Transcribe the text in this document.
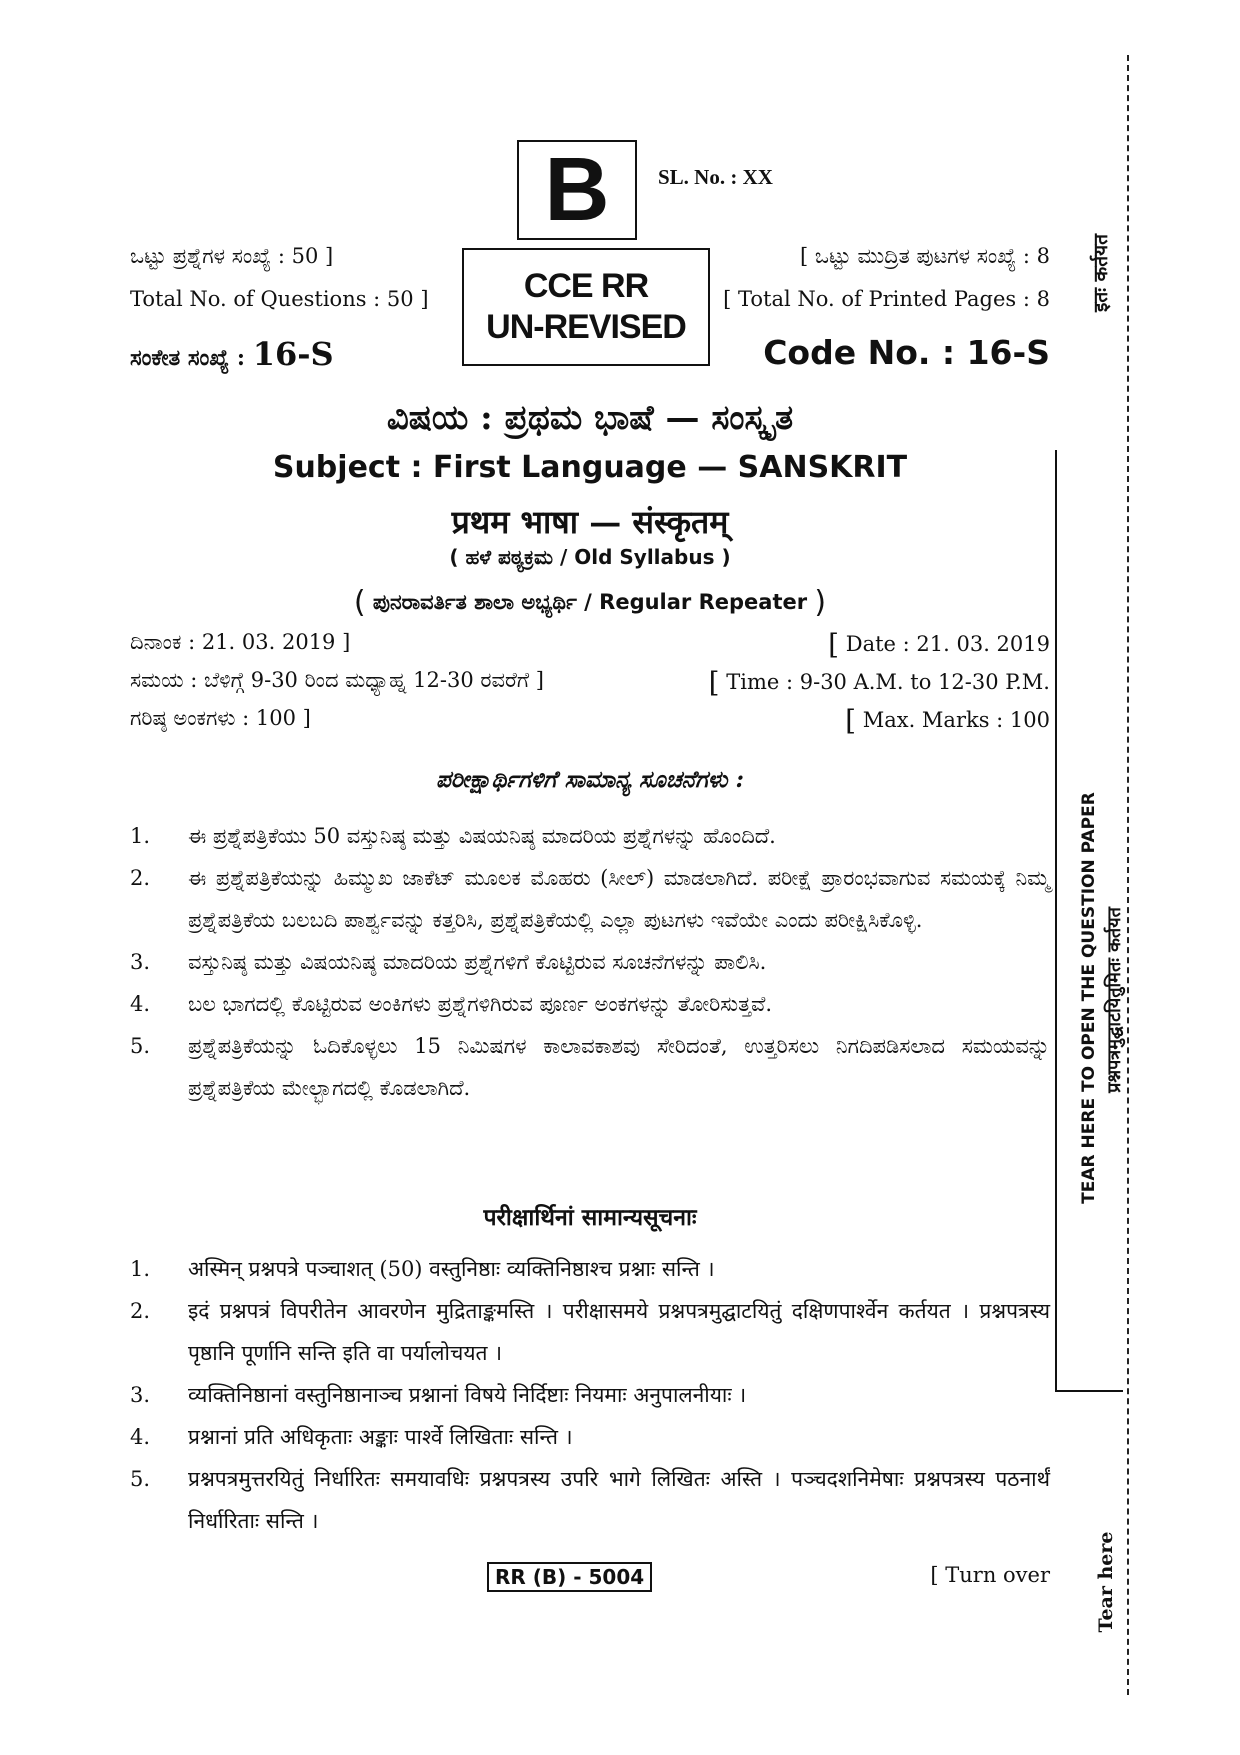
B	SL. No. : XX
ಒಟ್ಟು ಪ್ರಶ್ನೆಗಳ ಸಂಖ್ಯೆ : 50 ]
Total No. of Questions : 50 ]
[ ಒಟ್ಟು ಮುದ್ರಿತ ಪುಟಗಳ ಸಂಖ್ಯೆ : 8
[ Total No. of Printed Pages : 8
CCE RR
UN-REVISED
ಸಂಕೇತ ಸಂಖ್ಯೆ : 16-S	Code No. : 16-S
ವಿಷಯ : ಪ್ರಥಮ ಭಾಷೆ — ಸಂಸ್ಕೃತ
Subject : First Language — SANSKRIT
प्रथम भाषा — संस्कृतम्
( ಹಳೆ ಪಠ್ಯಕ್ರಮ / Old Syllabus )
( ಪುನರಾವರ್ತಿತ ಶಾಲಾ ಅಭ್ಯರ್ಥಿ / Regular Repeater )
ದಿನಾಂಕ : 21. 03. 2019 ]
ಸಮಯ : ಬೆಳಿಗ್ಗೆ 9-30 ರಿಂದ ಮಧ್ಯಾಹ್ನ 12-30 ರವರೆಗೆ ]
ಗರಿಷ್ಠ ಅಂಕಗಳು : 100 ]
[ Date : 21. 03. 2019
[ Time : 9-30 A.M. to 12-30 P.M.
[ Max. Marks : 100
ಪರೀಕ್ಷಾರ್ಥಿಗಳಿಗೆ ಸಾಮಾನ್ಯ ಸೂಚನೆಗಳು :
1.	ಈ ಪ್ರಶ್ನೆಪತ್ರಿಕೆಯು 50 ವಸ್ತುನಿಷ್ಠ ಮತ್ತು ವಿಷಯನಿಷ್ಠ ಮಾದರಿಯ ಪ್ರಶ್ನೆಗಳನ್ನು ಹೊಂದಿದೆ.
2.	ಈ ಪ್ರಶ್ನೆಪತ್ರಿಕೆಯನ್ನು ಹಿಮ್ಮುಖ ಜಾಕೆಟ್ ಮೂಲಕ ಮೊಹರು (ಸೀಲ್) ಮಾಡಲಾಗಿದೆ. ಪರೀಕ್ಷೆ ಪ್ರಾರಂಭವಾಗುವ ಸಮಯಕ್ಕೆ ನಿಮ್ಮ ಪ್ರಶ್ನೆಪತ್ರಿಕೆಯ ಬಲಬದಿ ಪಾರ್ಶ್ವವನ್ನು ಕತ್ತರಿಸಿ, ಪ್ರಶ್ನೆಪತ್ರಿಕೆಯಲ್ಲಿ ಎಲ್ಲಾ ಪುಟಗಳು ಇವೆಯೇ ಎಂದು ಪರೀಕ್ಷಿಸಿಕೊಳ್ಳಿ.
3.	ವಸ್ತುನಿಷ್ಠ ಮತ್ತು ವಿಷಯನಿಷ್ಠ ಮಾದರಿಯ ಪ್ರಶ್ನೆಗಳಿಗೆ ಕೊಟ್ಟಿರುವ ಸೂಚನೆಗಳನ್ನು ಪಾಲಿಸಿ.
4.	ಬಲ ಭಾಗದಲ್ಲಿ ಕೊಟ್ಟಿರುವ ಅಂಕಿಗಳು ಪ್ರಶ್ನೆಗಳಿಗಿರುವ ಪೂರ್ಣ ಅಂಕಗಳನ್ನು ತೋರಿಸುತ್ತವೆ.
5.	ಪ್ರಶ್ನೆಪತ್ರಿಕೆಯನ್ನು ಓದಿಕೊಳ್ಳಲು 15 ನಿಮಿಷಗಳ ಕಾಲಾವಕಾಶವು ಸೇರಿದಂತೆ, ಉತ್ತರಿಸಲು ನಿಗದಿಪಡಿಸಲಾದ ಸಮಯವನ್ನು ಪ್ರಶ್ನೆಪತ್ರಿಕೆಯ ಮೇಲ್ಭಾಗದಲ್ಲಿ ಕೊಡಲಾಗಿದೆ.
परीक्षार्थिनां सामान्यसूचनाः
1.	अस्मिन् प्रश्नपत्रे पञ्चाशत् (50) वस्तुनिष्ठाः व्यक्तिनिष्ठाश्च प्रश्नाः सन्ति ।
2.	इदं प्रश्नपत्रं विपरीतेन आवरणेन मुद्रिताङ्कमस्ति । परीक्षासमये प्रश्नपत्रमुद्घाटयितुं दक्षिणपार्श्वेन कर्तयत । प्रश्नपत्रस्य पृष्ठानि पूर्णानि सन्ति इति वा पर्यालोचयत ।
3.	व्यक्तिनिष्ठानां वस्तुनिष्ठानाञ्च प्रश्नानां विषये निर्दिष्टाः नियमाः अनुपालनीयाः ।
4.	प्रश्नानां प्रति अधिकृताः अङ्काः पार्श्वे लिखिताः सन्ति ।
5.	प्रश्नपत्रमुत्तरयितुं निर्धारितः समयावधिः प्रश्नपत्रस्य उपरि भागे लिखितः अस्ति । पञ्चदशनिमेषाः प्रश्नपत्रस्य पठनार्थं निर्धारिताः सन्ति ।
RR (B) - 5004	[ Turn over
इतः कर्तयत
TEAR HERE TO OPEN THE QUESTION PAPER प्रश्नपत्रमुद्घाटयितुमितः कर्तयत
Tear here
